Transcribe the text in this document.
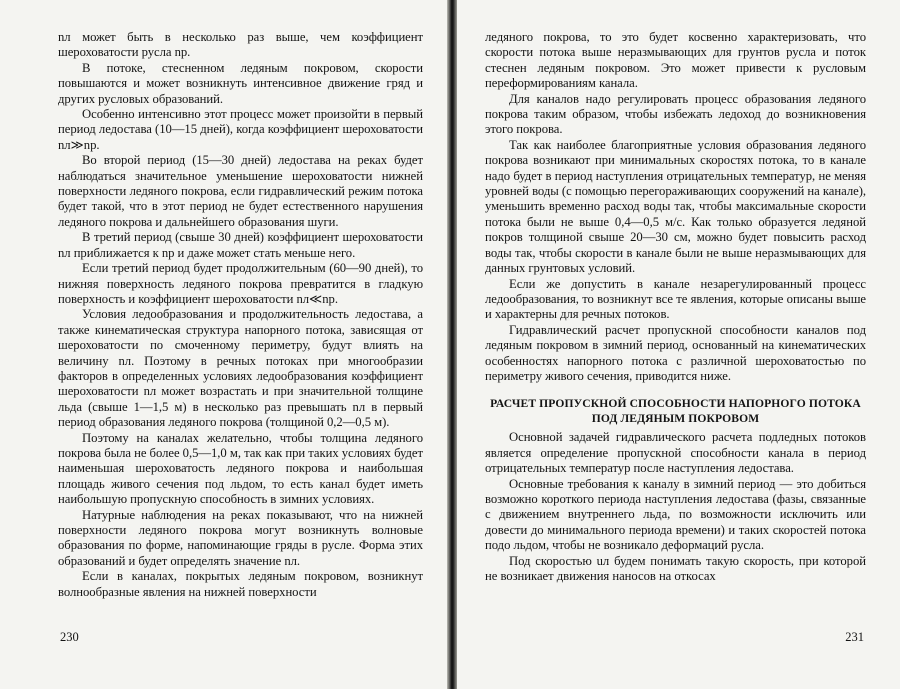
nл может быть в несколько раз выше, чем коэффициент шероховатости русла nр.

В потоке, стесненном ледяным покровом, скорости повышаются и может возникнуть интенсивное движение гряд и других русловых образований.

Особенно интенсивно этот процесс может произойти в первый период ледостава (10—15 дней), когда коэффициент шероховатости nл≫nр.

Во второй период (15—30 дней) ледостава на реках будет наблюдаться значительное уменьшение шероховатости нижней поверхности ледяного покрова, если гидравлический режим потока будет такой, что в этот период не будет естественного нарушения ледяного покрова и дальнейшего образования шуги.

В третий период (свыше 30 дней) коэффициент шероховатости nл приближается к nр и даже может стать меньше него.

Если третий период будет продолжительным (60—90 дней), то нижняя поверхность ледяного покрова превратится в гладкую поверхность и коэффициент шероховатости nл≪nр.

Условия ледообразования и продолжительность ледостава, а также кинематическая структура напорного потока, зависящая от шероховатости по смоченному периметру, будут влиять на величину nл. Поэтому в речных потоках при многообразии факторов в определенных условиях ледообразования коэффициент шероховатости nл может возрастать и при значительной толщине льда (свыше 1—1,5 м) в несколько раз превышать nл в первый период образования ледяного покрова (толщиной 0,2—0,5 м).

Поэтому на каналах желательно, чтобы толщина ледяного покрова была не более 0,5—1,0 м, так как при таких условиях будет наименьшая шероховатость ледяного покрова и наибольшая площадь живого сечения под льдом, то есть канал будет иметь наибольшую пропускную способность в зимних условиях.

Натурные наблюдения на реках показывают, что на нижней поверхности ледяного покрова могут возникнуть волновые образования по форме, напоминающие гряды в русле. Форма этих образований и будет определять значение nл.

Если в каналах, покрытых ледяным покровом, возникнут волнообразные явления на нижней поверхности

230

ледяного покрова, то это будет косвенно характеризовать, что скорости потока выше неразмывающих для грунтов русла и поток стеснен ледяным покровом. Это может привести к русловым переформированиям канала.

Для каналов надо регулировать процесс образования ледяного покрова таким образом, чтобы избежать ледоход до возникновения этого покрова.

Так как наиболее благоприятные условия образования ледяного покрова возникают при минимальных скоростях потока, то в канале надо будет в период наступления отрицательных температур, не меняя уровней воды (с помощью перегораживающих сооружений на канале), уменьшить временно расход воды так, чтобы максимальные скорости потока были не выше 0,4—0,5 м/с. Как только образуется ледяной покров толщиной свыше 20—30 см, можно будет повысить расход воды так, чтобы скорости в канале были не выше неразмывающих для данных грунтовых условий.

Если же допустить в канале незарегулированный процесс ледообразования, то возникнут все те явления, которые описаны выше и характерны для речных потоков.

Гидравлический расчет пропускной способности каналов под ледяным покровом в зимний период, основанный на кинематических особенностях напорного потока с различной шероховатостью по периметру живого сечения, приводится ниже.

РАСЧЕТ ПРОПУСКНОЙ СПОСОБНОСТИ НАПОРНОГО ПОТОКА
ПОД ЛЕДЯНЫМ ПОКРОВОМ

Основной задачей гидравлического расчета подледных потоков является определение пропускной способности канала в период отрицательных температур после наступления ледостава.

Основные требования к каналу в зимний период — это добиться возможно короткого периода наступления ледостава (фазы, связанные с движением внутреннего льда, по возможности исключить или довести до минимального периода времени) и таких скоростей потока подо льдом, чтобы не возникало деформаций русла.

Под скоростью uл будем понимать такую скорость, при которой не возникает движения наносов на откосах

231
